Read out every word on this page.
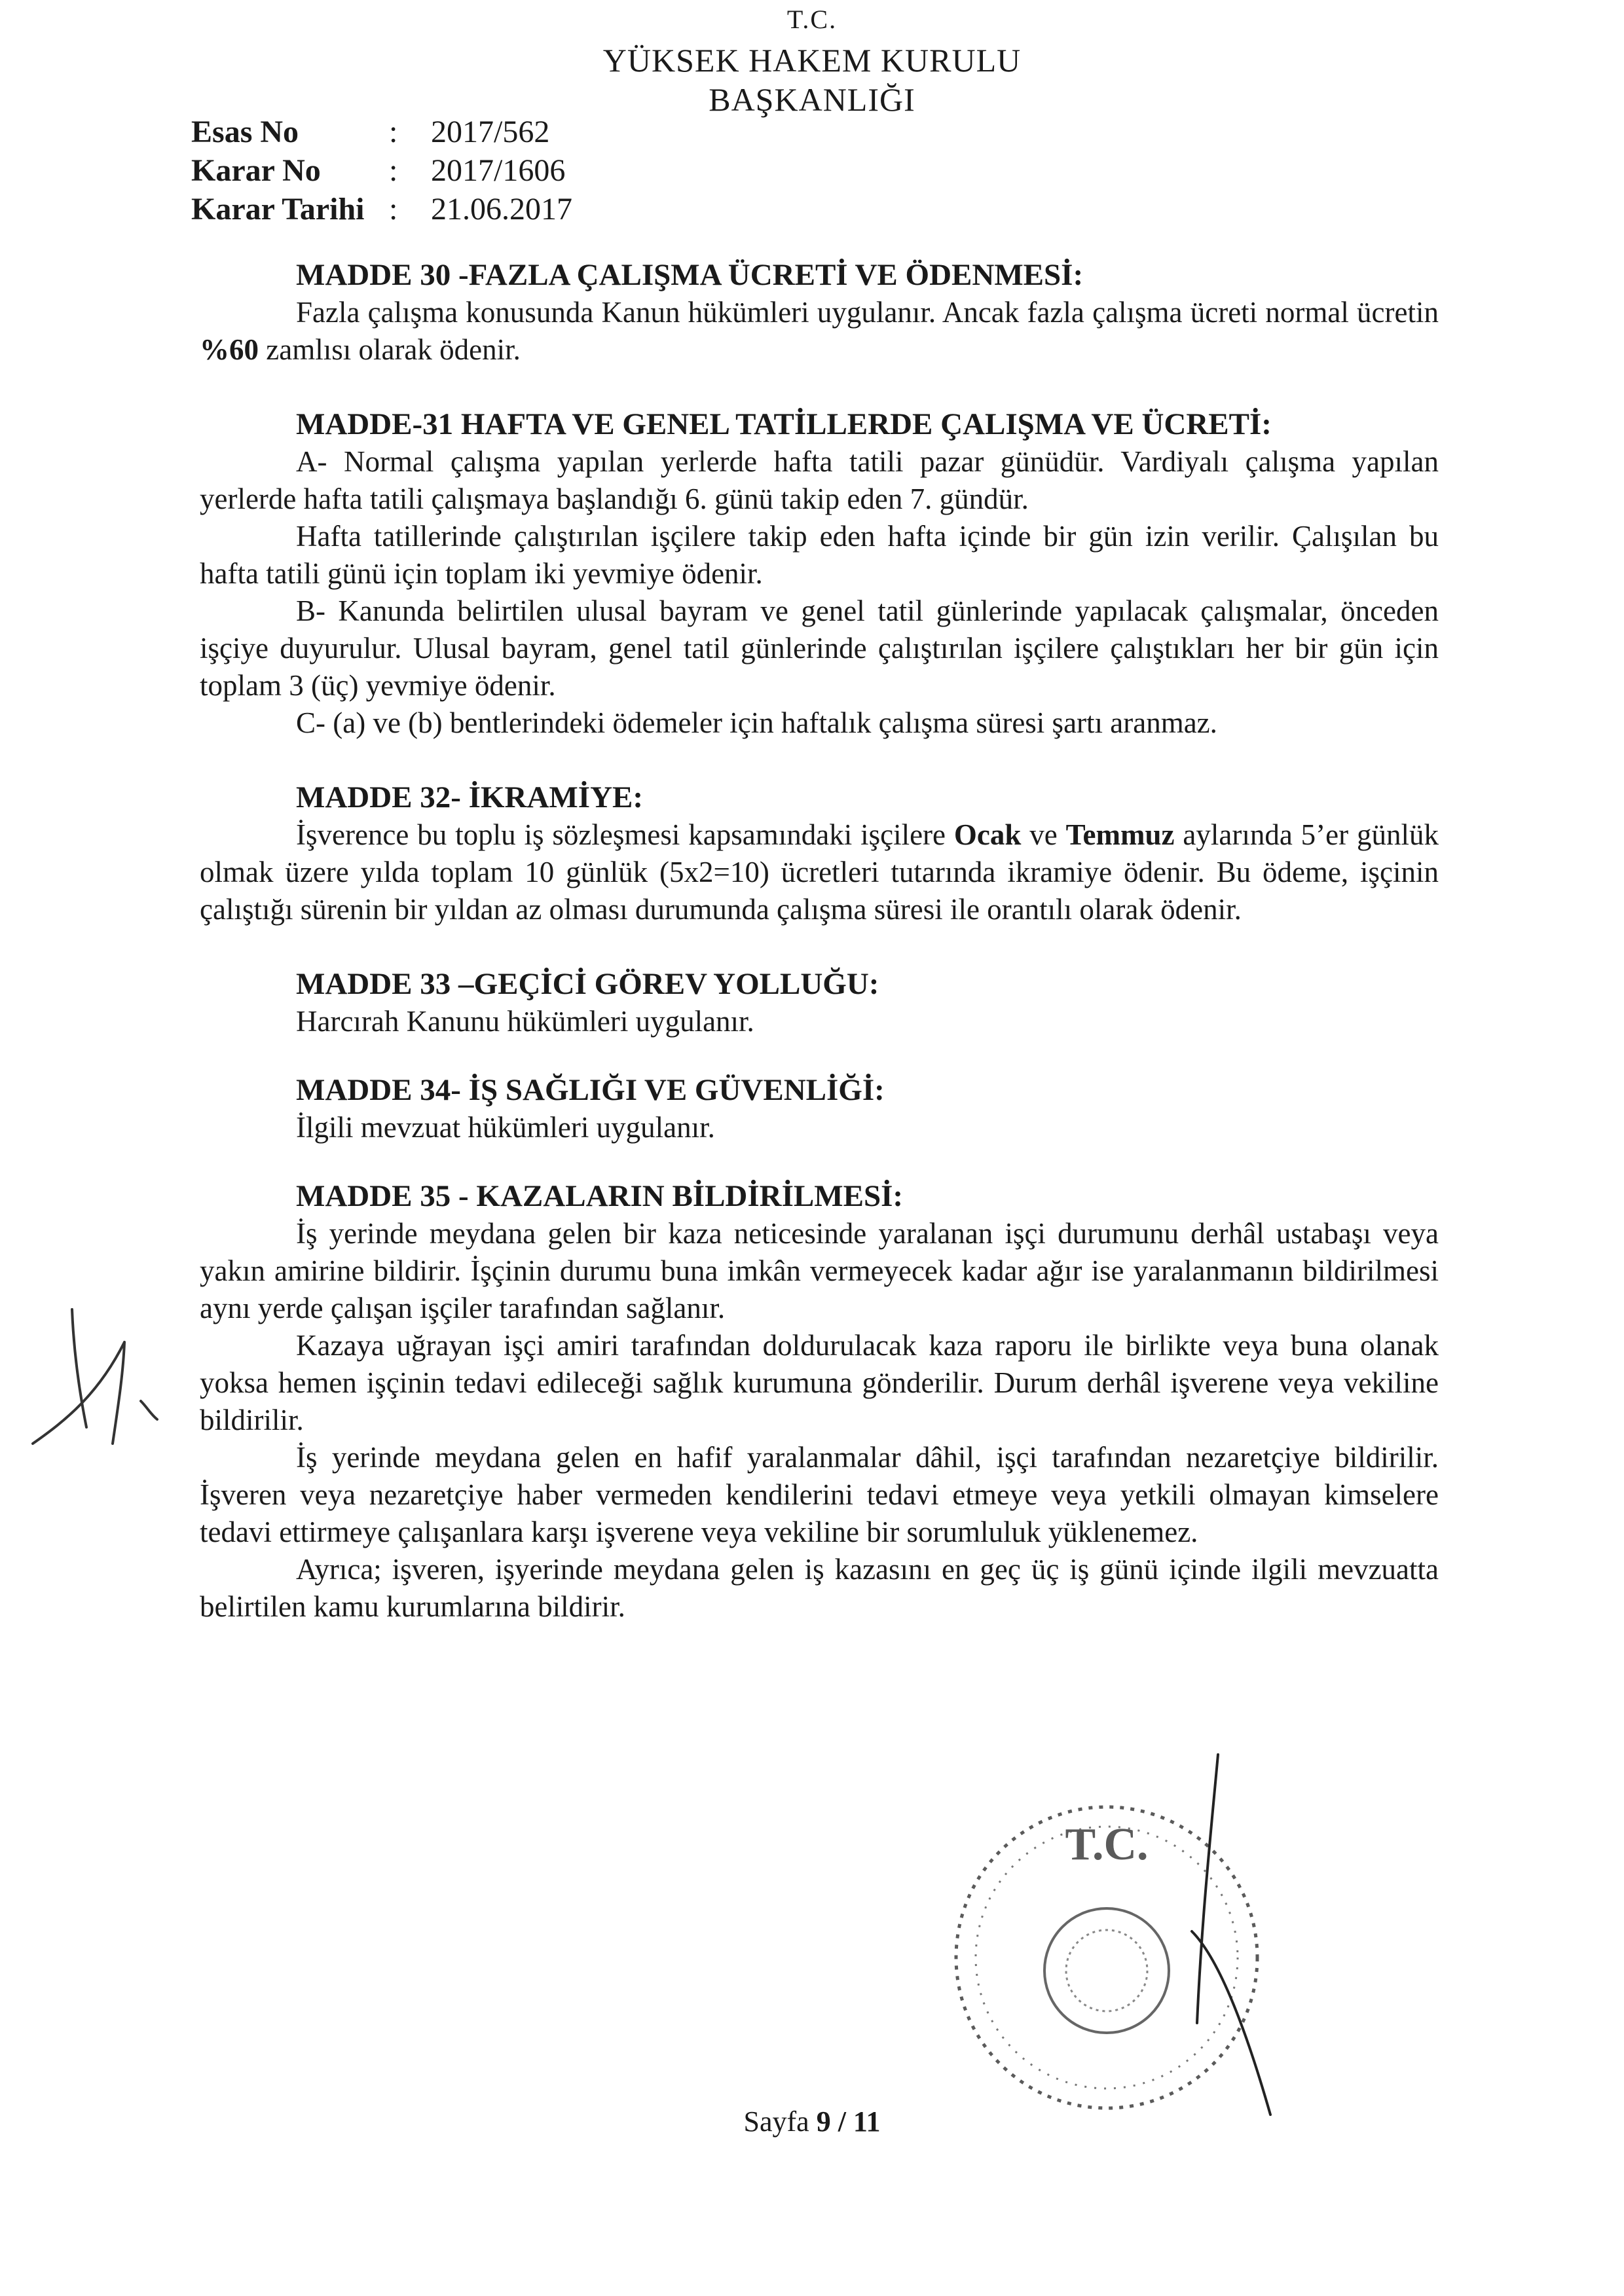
T.C.
YÜKSEK HAKEM KURULU
BAŞKANLIĞI
Esas No	:	2017/562
Karar No	:	2017/1606
Karar Tarihi :	21.06.2017
MADDE 30 -FAZLA ÇALIŞMA ÜCRETİ VE ÖDENMESİ:

Fazla çalışma konusunda Kanun hükümleri uygulanır. Ancak fazla çalışma ücreti normal ücretin %60 zamlısı olarak ödenir.

MADDE-31 HAFTA VE GENEL TATİLLERDE ÇALIŞMA VE ÜCRETİ:

A- Normal çalışma yapılan yerlerde hafta tatili pazar günüdür. Vardiyalı çalışma yapılan yerlerde hafta tatili çalışmaya başlandığı 6. günü takip eden 7. gündür.

Hafta tatillerinde çalıştırılan işçilere takip eden hafta içinde bir gün izin verilir. Çalışılan bu hafta tatili günü için toplam iki yevmiye ödenir.

B- Kanunda belirtilen ulusal bayram ve genel tatil günlerinde yapılacak çalışmalar, önceden işçiye duyurulur. Ulusal bayram, genel tatil günlerinde çalıştırılan işçilere çalıştıkları her bir gün için toplam 3 (üç) yevmiye ödenir.

C- (a) ve (b) bentlerindeki ödemeler için haftalık çalışma süresi şartı aranmaz.

MADDE 32- İKRAMİYE:

İşverence bu toplu iş sözleşmesi kapsamındaki işçilere Ocak ve Temmuz aylarında 5’er günlük olmak üzere yılda toplam 10 günlük (5x2=10) ücretleri tutarında ikramiye ödenir. Bu ödeme, işçinin çalıştığı sürenin bir yıldan az olması durumunda çalışma süresi ile orantılı olarak ödenir.

MADDE 33 –GEÇİCİ GÖREV YOLLUĞU:

Harcırah Kanunu hükümleri uygulanır.

MADDE 34- İŞ SAĞLIĞI VE GÜVENLİĞİ:

İlgili mevzuat hükümleri uygulanır.

MADDE 35 - KAZALARIN BİLDİRİLMESİ:

İş yerinde meydana gelen bir kaza neticesinde yaralanan işçi durumunu derhâl ustabaşı veya yakın amirine bildirir. İşçinin durumu buna imkân vermeyecek kadar ağır ise yaralanmanın bildirilmesi aynı yerde çalışan işçiler tarafından sağlanır.

Kazaya uğrayan işçi amiri tarafından doldurulacak kaza raporu ile birlikte veya buna olanak yoksa hemen işçinin tedavi edileceği sağlık kurumuna gönderilir. Durum derhâl işverene veya vekiline bildirilir.

İş yerinde meydana gelen en hafif yaralanmalar dâhil, işçi tarafından nezaretçiye bildirilir. İşveren veya nezaretçiye haber vermeden kendilerini tedavi etmeye veya yetkili olmayan kimselere tedavi ettirmeye çalışanlara karşı işverene veya vekiline bir sorumluluk yüklenemez.

Ayrıca; işveren, işyerinde meydana gelen iş kazasını en geç üç iş günü içinde ilgili mevzuatta belirtilen kamu kurumlarına bildirir.

T.C.
Sayfa 9 / 11
